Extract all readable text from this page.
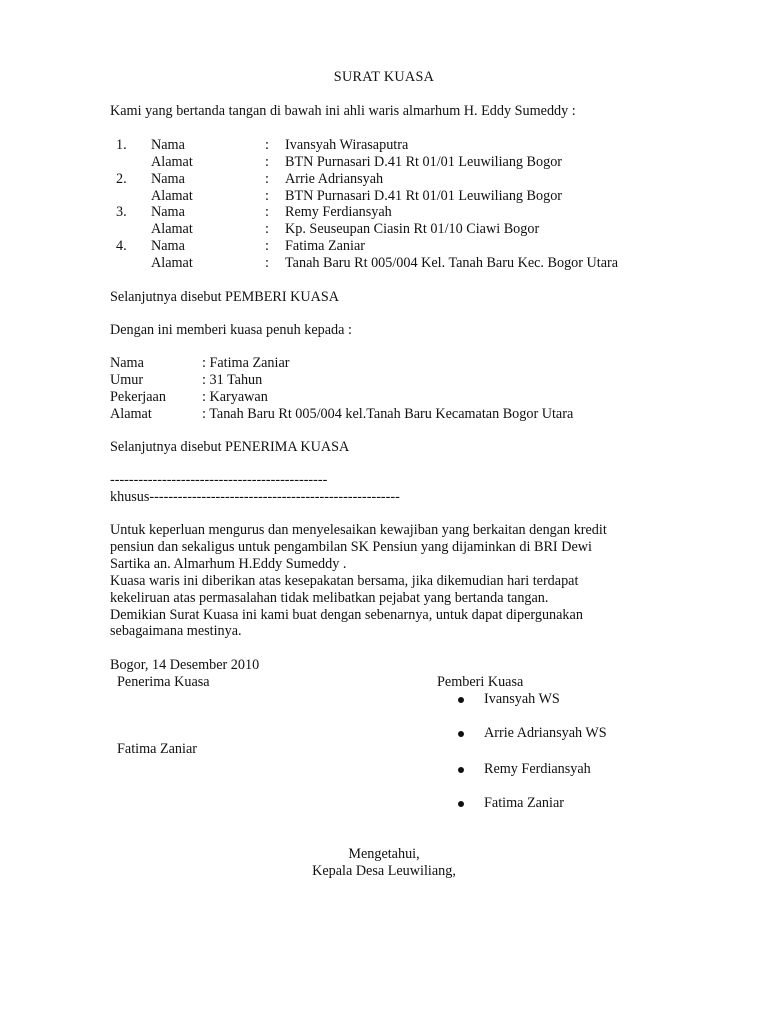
SURAT KUASA
Kami yang bertanda tangan di bawah ini ahli waris almarhum H. Eddy Sumeddy :
1. Nama	: Ivansyah Wirasaputra
Alamat	: BTN Purnasari D.41 Rt 01/01 Leuwiliang Bogor
2. Nama	: Arrie Adriansyah
Alamat	: BTN Purnasari D.41 Rt 01/01 Leuwiliang Bogor
3. Nama	: Remy Ferdiansyah
Alamat	: Kp. Seuseupan Ciasin Rt 01/10 Ciawi Bogor
4. Nama	: Fatima Zaniar
Alamat	: Tanah Baru Rt 005/004 Kel. Tanah Baru Kec. Bogor Utara
Selanjutnya disebut PEMBERI KUASA
Dengan ini memberi kuasa penuh kepada :
Nama	: Fatima Zaniar
Umur	: 31 Tahun
Pekerjaan	: Karyawan
Alamat	: Tanah Baru Rt 005/004 kel.Tanah Baru Kecamatan Bogor Utara
Selanjutnya disebut PENERIMA KUASA
----------------------------------------------
khusus-----------------------------------------------------
Untuk keperluan mengurus dan menyelesaikan kewajiban yang berkaitan dengan kredit
pensiun dan sekaligus untuk pengambilan SK Pensiun yang dijaminkan di BRI Dewi
Sartika an. Almarhum H.Eddy Sumeddy .
Kuasa waris ini diberikan atas kesepakatan bersama, jika dikemudian hari terdapat
kekeliruan atas permasalahan tidak melibatkan pejabat yang bertanda tangan.
Demikian Surat Kuasa ini kami buat dengan sebenarnya, untuk dapat dipergunakan
sebagaimana mestinya.
Bogor, 14 Desember 2010
Penerima Kuasa	Pemberi Kuasa
Ivansyah WS
Arrie Adriansyah WS
Fatima Zaniar
Remy Ferdiansyah
Fatima Zaniar
Mengetahui,
Kepala Desa Leuwiliang,
